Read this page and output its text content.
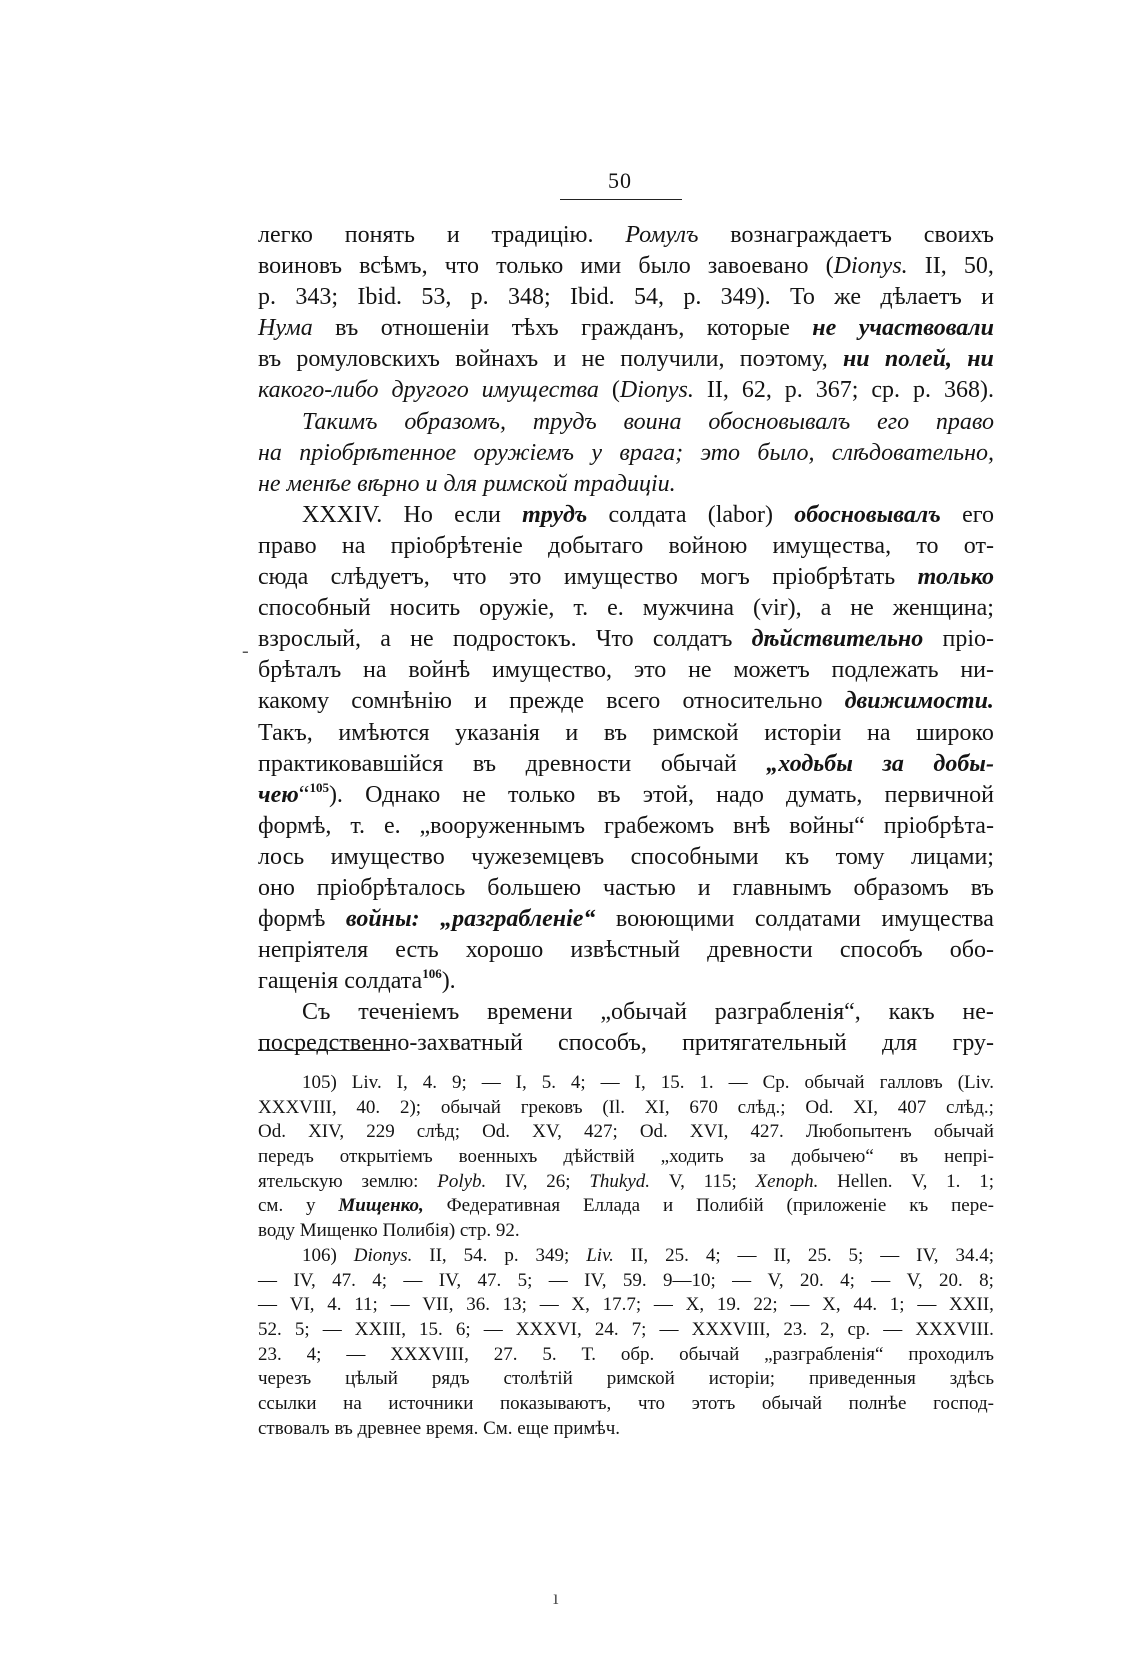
50
легко понять и традицію. Ромулъ вознаграждаетъ своихъ
воиновъ всѣмъ, что только ими было завоевано (Dionys. II, 50,
p. 343; Ibid. 53, p. 348; Ibid. 54, p. 349). То же дѣлаетъ и
Нума въ отношеніи тѣхъ гражданъ, которые не участвовали
въ ромуловскихъ войнахъ и не получили, поэтому, ни полей, ни
какого-либо другого имущества (Dionys. II, 62, p. 367; cp. p. 368).
Такимъ образомъ, трудъ воина обосновывалъ его право
на пріобрѣтенное оружіемъ у врага; это было, слѣдовательно,
не
менѣе
вѣрно
и
для
римской
традиціи.

XXXIV. Но если трудъ солдата (labor) обосновывалъ его
право на пріобрѣтеніе добытаго войною имущества, то от-
сюда слѣдуетъ, что это имущество могъ пріобрѣтать только
способный носить оружіе, т. е. мужчина (vir), а не женщина;
взрослый, а не подростокъ. Что солдатъ дѣйствительно пріо-
брѣталъ на войнѣ имущество, это не можетъ подлежать ни-
какому сомнѣнію и прежде всего относительно движимости.
Такъ, имѣются указанія и въ римской исторіи на широко
практиковавшійся въ древности обычай „ходьбы за добы-
чею“105). Однако не только въ этой, надо думать, первичной
формѣ, т. е. „вооруженнымъ грабежомъ внѣ войны“ пріобрѣта-
лось имущество чужеземцевъ способными къ тому лицами;
оно пріобрѣталось большею частью и главнымъ образомъ въ
формѣ войны: „разграбленіе“ воюющими солдатами имущества
непріятеля есть хорошо извѣстный древности способъ обо-
гащенія
солдата106).

Съ теченіемъ времени „обычай разграбленія“, какъ не-
посредственно-захватный способъ, притягательный для гру-
105) Liv. I, 4. 9; — I, 5. 4; — I, 15. 1. — Cp. обычай галловъ (Liv.
XXXVIII, 40. 2); обычай грековъ (Il. XI, 670 слѣд.; Od. XI, 407 слѣд.;
Od. XIV, 229 слѣд; Od. XV, 427; Od. XVI, 427. Любопытенъ обычай
передъ открытіемъ военныхъ дѣйствій „ходить за добычею“ въ непрі-
ятельскую землю: Polyb. IV, 26; Thukyd. V, 115; Xenoph. Hellen. V, 1. 1;
см. у Мищенко, Федеративная Еллада и Полибій (приложеніе къ пере-
воду
Мищенко
Полибія)
стр.
92.

106) Dionys. II, 54. p. 349; Liv. II, 25. 4; — II, 25. 5; — IV, 34.4;
— IV, 47. 4; — IV, 47. 5; — IV, 59. 9—10; — V, 20. 4; — V, 20. 8;
— VI, 4. 11; — VII, 36. 13; — X, 17.7; — X, 19. 22; — X, 44. 1; — XXII,
52. 5; — XXIII, 15. 6; — XXXVI, 24. 7; — XXXVIII, 23. 2, cp. — XXXVIII.
23. 4; — XXXVIII, 27. 5. Т. обр. обычай „разграбленія“ проходилъ
черезъ цѣлый рядъ столѣтій римской исторіи; приведенныя здѣсь
ссылки на источники показываютъ, что этотъ обычай полнѣе господ-
ствовалъ
въ
древнее
время.
См.
еще
примѣч.

-
ı
